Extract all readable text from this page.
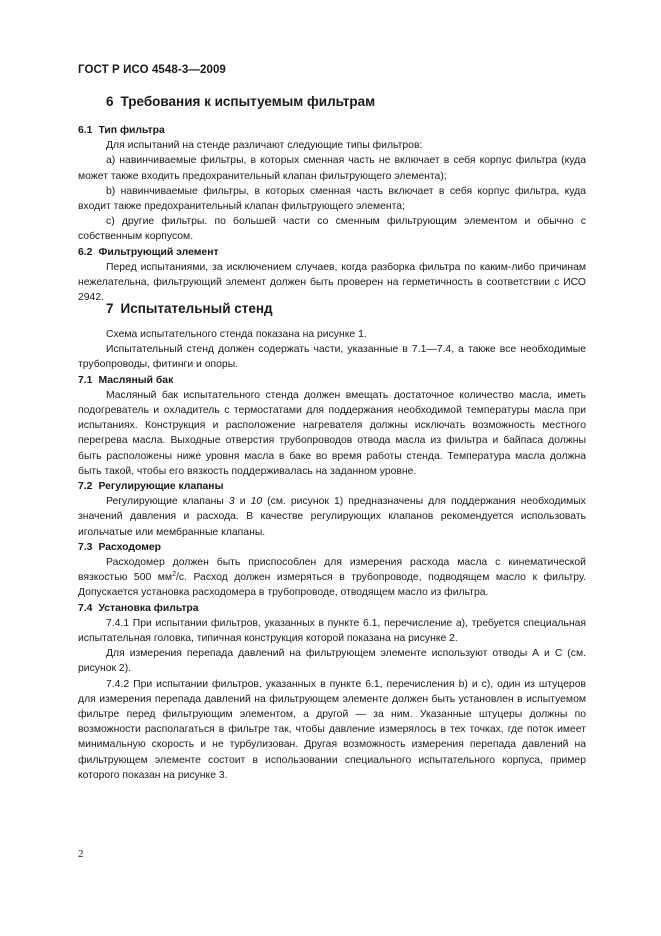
ГОСТ Р ИСО 4548-3—2009
6 Требования к испытуемым фильтрам

6.1 Тип фильтра

Для испытаний на стенде различают следующие типы фильтров:

а) навинчиваемые фильтры, в которых сменная часть не включает в себя корпус фильтра (куда может также входить предохранительный клапан фильтрующего элемента);

b) навинчиваемые фильтры, в которых сменная часть включает в себя корпус фильтра, куда входит также предохранительный клапан фильтрующего элемента;

с) другие фильтры. по большей части со сменным фильтрующим элементом и обычно с собственным корпусом.

6.2 Фильтрующий элемент

Перед испытаниями, за исключением случаев, когда разборка фильтра по каким-либо причинам нежелательна, фильтрующий элемент должен быть проверен на герметичность в соответствии с ИСО 2942.

7 Испытательный стенд

Схема испытательного стенда показана на рисунке 1.

Испытательный стенд должен содержать части, указанные в 7.1—7.4, а также все необходимые трубопроводы, фитинги и опоры.

7.1 Масляный бак

Масляный бак испытательного стенда должен вмещать достаточное количество масла, иметь подогреватель и охладитель с термостатами для поддержания необходимой температуры масла при испытаниях. Конструкция и расположение нагревателя должны исключать возможность местного перегрева масла. Выходные отверстия трубопроводов отвода масла из фильтра и байпаса должны быть расположены ниже уровня масла в баке во время работы стенда. Температура масла должна быть такой, чтобы его вязкость поддерживалась на заданном уровне.

7.2 Регулирующие клапаны

Регулирующие клапаны 3 и 10 (см. рисунок 1) предназначены для поддержания необходимых значений давления и расхода. В качестве регулирующих клапанов рекомендуется использовать игольчатые или мембранные клапаны.

7.3 Расходомер

Расходомер должен быть приспособлен для измерения расхода масла с кинематической вязкостью 500 $мм^2/с$. Расход должен измеряться в трубопроводе, подводящем масло к фильтру. Допускается установка расходомера в трубопроводе, отводящем масло из фильтра.

7.4 Установка фильтра

7.4.1 При испытании фильтров, указанных в пункте 6.1, перечисление а), требуется специальная испытательная головка, типичная конструкция которой показана на рисунке 2.

Для измерения перепада давлений на фильтрующем элементе используют отводы А и С (см. рисунок 2).

7.4.2 При испытании фильтров, указанных в пункте 6.1, перечисления b) и с), один из штуцеров для измерения перепада давлений на фильтрующем элементе должен быть установлен в испытуемом фильтре перед фильтрующим элементом, а другой — за ним. Указанные штуцеры должны по возможности располагаться в фильтре так, чтобы давление измерялось в тех точках, где поток имеет минимальную скорость и не турбулизован. Другая возможность измерения перепада давлений на фильтрующем элементе состоит в использовании специального испытательного корпуса, пример которого показан на рисунке 3.

2
